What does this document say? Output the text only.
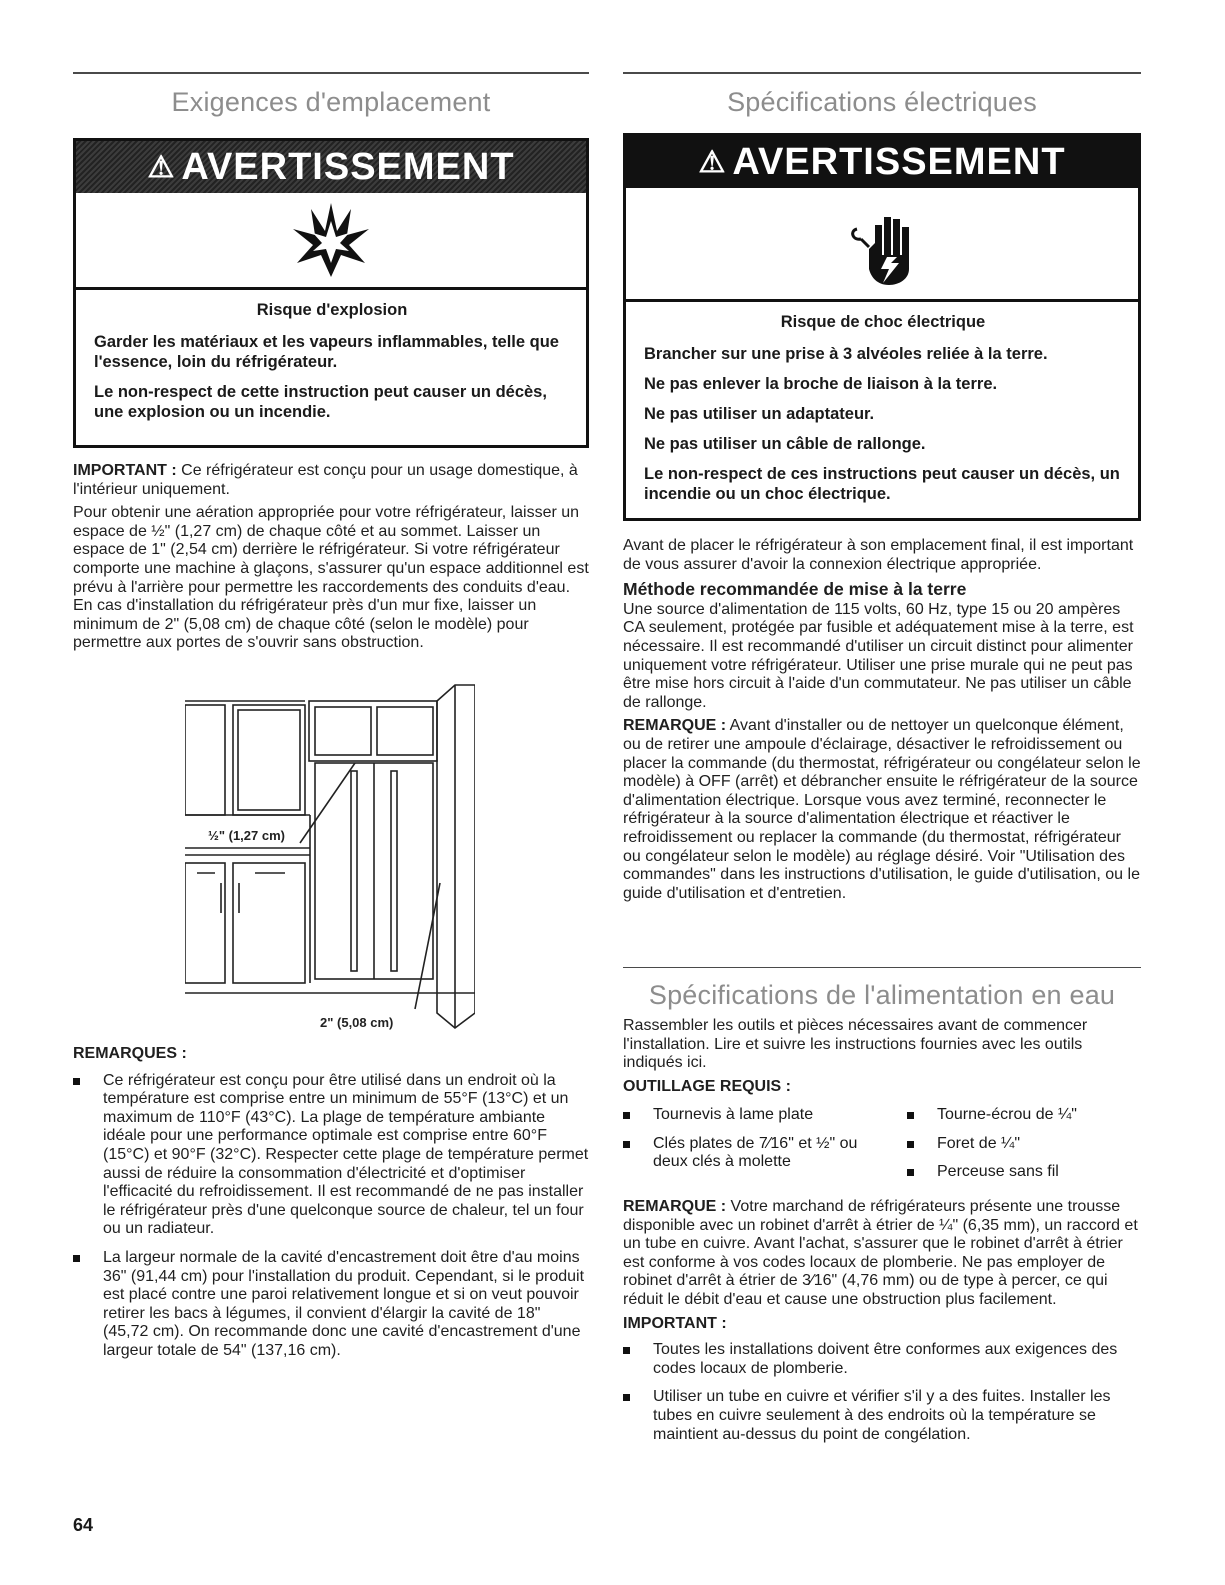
Exigences d'emplacement
⚠ AVERTISSEMENT
Risque d'explosion

Garder les matériaux et les vapeurs inflammables, telle que l'essence, loin du réfrigérateur.

Le non-respect de cette instruction peut causer un décès, une explosion ou un incendie.

IMPORTANT : Ce réfrigérateur est conçu pour un usage domestique, à l'intérieur uniquement.

Pour obtenir une aération appropriée pour votre réfrigérateur, laisser un espace de ½" (1,27 cm) de chaque côté et au sommet. Laisser un espace de 1" (2,54 cm) derrière le réfrigérateur. Si votre réfrigérateur comporte une machine à glaçons, s'assurer qu'un espace additionnel est prévu à l'arrière pour permettre les raccordements des conduits d'eau. En cas d'installation du réfrigérateur près d'un mur fixe, laisser un minimum de 2" (5,08 cm) de chaque côté (selon le modèle) pour permettre aux portes de s'ouvrir sans obstruction.

½" (1,27 cm)
2" (5,08 cm)

REMARQUES :

Ce réfrigérateur est conçu pour être utilisé dans un endroit où la température est comprise entre un minimum de 55°F (13°C) et un maximum de 110°F (43°C). La plage de température ambiante idéale pour une performance optimale est comprise entre 60°F (15°C) et 90°F (32°C). Respecter cette plage de température permet aussi de réduire la consommation d'électricité et d'optimiser l'efficacité du refroidissement. Il est recommandé de ne pas installer le réfrigérateur près d'une quelconque source de chaleur, tel un four ou un radiateur.
La largeur normale de la cavité d'encastrement doit être d'au moins 36" (91,44 cm) pour l'installation du produit. Cependant, si le produit est placé contre une paroi relativement longue et si on veut pouvoir retirer les bacs à légumes, il convient d'élargir la cavité de 18" (45,72 cm). On recommande donc une cavité d'encastrement d'une largeur totale de 54" (137,16 cm).
Spécifications électriques
⚠ AVERTISSEMENT
Risque de choc électrique

Brancher sur une prise à 3 alvéoles reliée à la terre.

Ne pas enlever la broche de liaison à la terre.

Ne pas utiliser un adaptateur.

Ne pas utiliser un câble de rallonge.

Le non-respect de ces instructions peut causer un décès, un incendie ou un choc électrique.

Avant de placer le réfrigérateur à son emplacement final, il est important de vous assurer d'avoir la connexion électrique appropriée.

Méthode recommandée de mise à la terre

Une source d'alimentation de 115 volts, 60 Hz, type 15 ou 20 ampères CA seulement, protégée par fusible et adéquatement mise à la terre, est nécessaire. Il est recommandé d'utiliser un circuit distinct pour alimenter uniquement votre réfrigérateur. Utiliser une prise murale qui ne peut pas être mise hors circuit à l'aide d'un commutateur. Ne pas utiliser un câble de rallonge.

REMARQUE : Avant d'installer ou de nettoyer un quelconque élément, ou de retirer une ampoule d'éclairage, désactiver le refroidissement ou placer la commande (du thermostat, réfrigérateur ou congélateur selon le modèle) à OFF (arrêt) et débrancher ensuite le réfrigérateur de la source d'alimentation électrique. Lorsque vous avez terminé, reconnecter le réfrigérateur à la source d'alimentation électrique et réactiver le refroidissement ou replacer la commande (du thermostat, réfrigérateur ou congélateur selon le modèle) au réglage désiré. Voir "Utilisation des commandes" dans les instructions d'utilisation, le guide d'utilisation, ou le guide d'utilisation et d'entretien.

Spécifications de l'alimentation en eau

Rassembler les outils et pièces nécessaires avant de commencer l'installation. Lire et suivre les instructions fournies avec les outils indiqués ici.

OUTILLAGE REQUIS :

Tournevis à lame plate
Clés plates de 7⁄16" et ½" ou deux clés à molette
Tourne-écrou de ¼"
Foret de ¼"
Perceuse sans fil

REMARQUE : Votre marchand de réfrigérateurs présente une trousse disponible avec un robinet d'arrêt à étrier de ¼" (6,35 mm), un raccord et un tube en cuivre. Avant l'achat, s'assurer que le robinet d'arrêt à étrier est conforme à vos codes locaux de plomberie. Ne pas employer de robinet d'arrêt à étrier de 3⁄16" (4,76 mm) ou de type à percer, ce qui réduit le débit d'eau et cause une obstruction plus facilement.

IMPORTANT :

Toutes les installations doivent être conformes aux exigences des codes locaux de plomberie.
Utiliser un tube en cuivre et vérifier s'il y a des fuites. Installer les tubes en cuivre seulement à des endroits où la température se maintient au-dessus du point de congélation.
64
